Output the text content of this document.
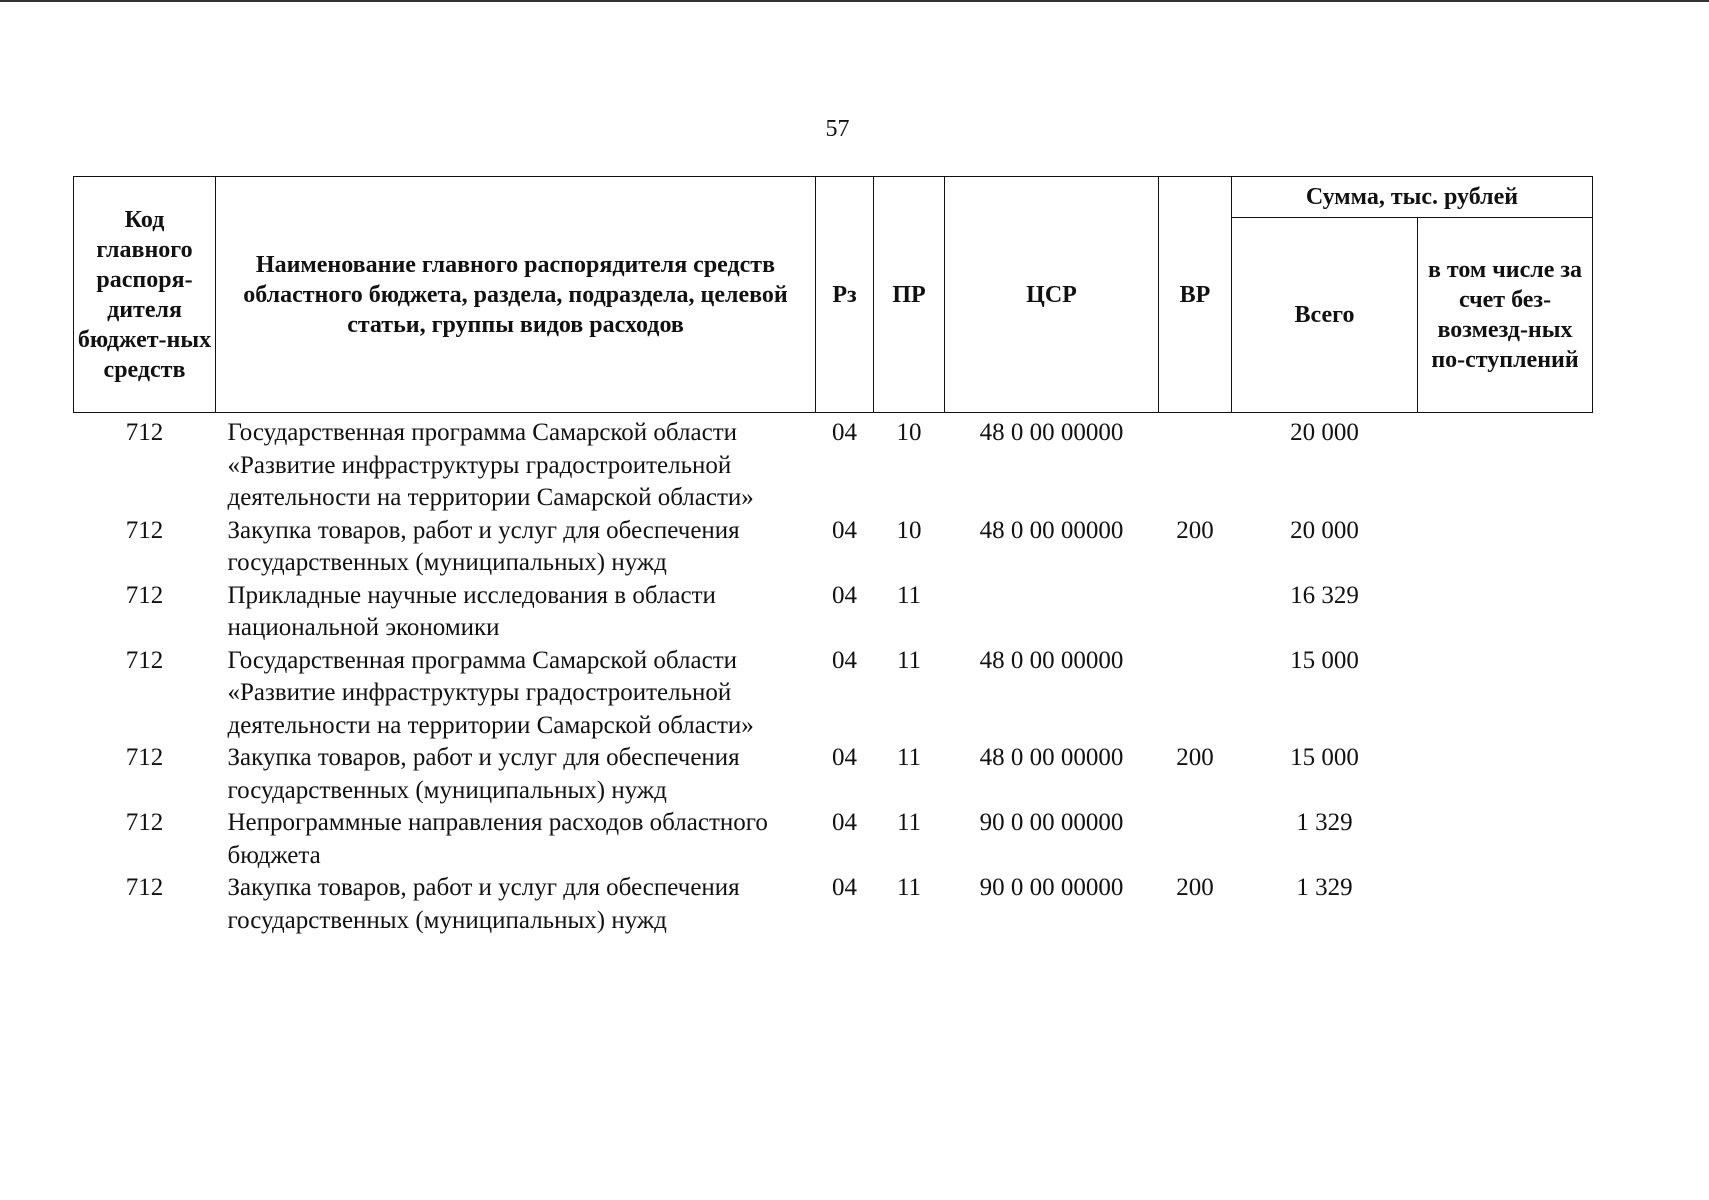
57
Код главного распоря-дителя бюджет-ных средств	Наименование главного распорядителя средств областного бюджета, раздела, подраздела, целевой статьи, группы видов расходов	Рз	ПР	ЦСР	ВР	Сумма, тыс. рублей	
						Всего	в том числе за счет без-возмезд-ных по-ступлений
712	Государственная программа Самарской области «Развитие инфраструктуры градостроительной деятельности на территории Самарской области»	04	10	48 0 00 00000		20 000	
712	Закупка товаров, работ и услуг для обеспечения государственных (муниципальных) нужд	04	10	48 0 00 00000	200	20 000	
712	Прикладные научные исследования в области национальной экономики	04	11			16 329	
712	Государственная программа Самарской области «Развитие инфраструктуры градостроительной деятельности на территории Самарской области»	04	11	48 0 00 00000		15 000	
712	Закупка товаров, работ и услуг для обеспечения государственных (муниципальных) нужд	04	11	48 0 00 00000	200	15 000	
712	Непрограммные направления расходов областного бюджета	04	11	90 0 00 00000		1 329	
712	Закупка товаров, работ и услуг для обеспечения государственных (муниципальных) нужд	04	11	90 0 00 00000	200	1 329	
